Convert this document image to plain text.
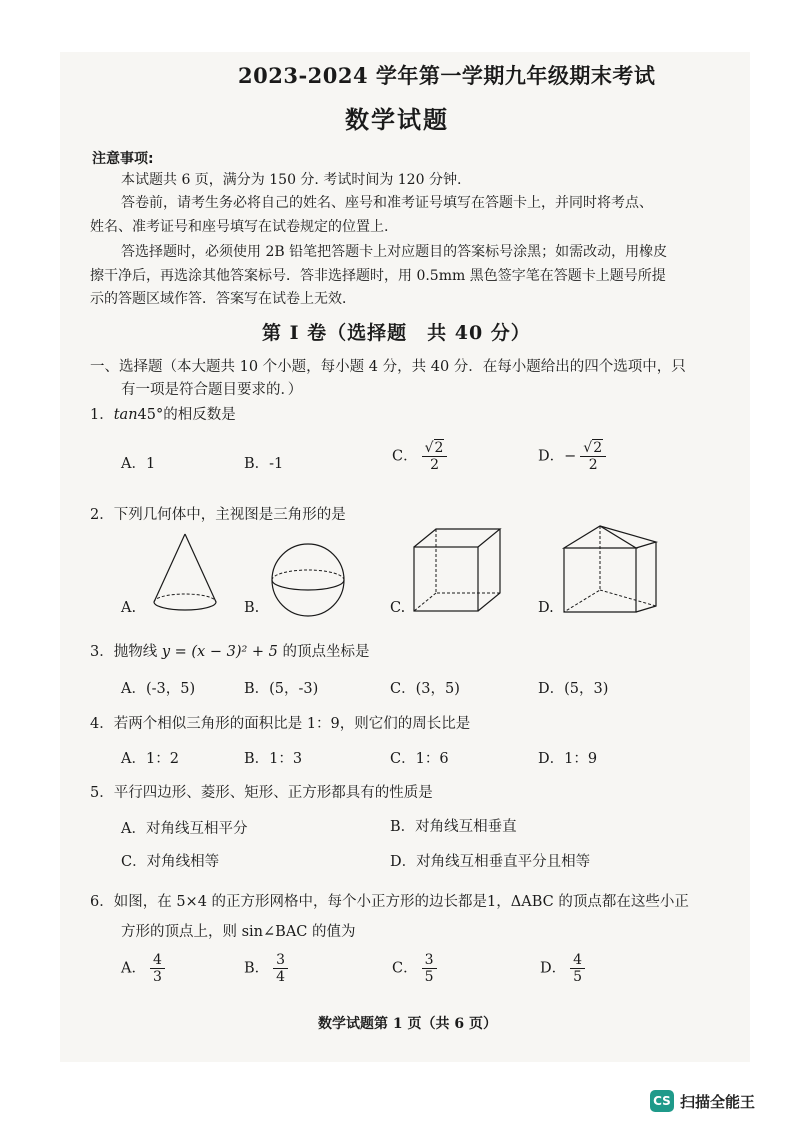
2023-2024 学年第一学期九年级期末考试
数学试题
注意事项:
本试题共 6 页，满分为 150 分. 考试时间为 120 分钟.
答卷前，请考生务必将自己的姓名、座号和准考证号填写在答题卡上，并同时将考点、
姓名、准考证号和座号填写在试卷规定的位置上.
答选择题时，必须使用 2B 铅笔把答题卡上对应题目的答案标号涂黑；如需改动，用橡皮
擦干净后，再选涂其他答案标号．答非选择题时，用 0.5mm 黑色签字笔在答题卡上题号所提
示的答题区域作答．答案写在试卷上无效．
第 I 卷（选择题　共 40 分）
一、选择题（本大题共 10 个小题，每小题 4 分，共 40 分．在每小题给出的四个选项中，只
有一项是符合题目要求的．）
1．tan45°的相反数是
A．1	B．-1	C． $\frac{√2}{2}$	D．− $\frac{√2}{2}$
2．下列几何体中，主视图是三角形的是
A.	B.	C.	D.
3．抛物线 y = (x − 3)² + 5 的顶点坐标是
A．(-3，5)	B．(5，-3)	C．(3，5)	D．(5，3)
4．若两个相似三角形的面积比是 1：9，则它们的周长比是
A．1：2	B．1：3	C．1：6	D．1：9
5．平行四边形、菱形、矩形、正方形都具有的性质是
A．对角线互相平分	B．对角线互相垂直
C．对角线相等	D．对角线互相垂直平分且相等
6．如图，在 5×4 的正方形网格中，每个小正方形的边长都是1，ΔABC 的顶点都在这些小正
方形的顶点上，则 sin∠BAC 的值为
A． $\frac{4}{3}$	B． $\frac{3}{4}$	C． $\frac{3}{5}$	D． $\frac{4}{5}$
数学试题第 1 页（共 6 页）
CS 扫描全能王
